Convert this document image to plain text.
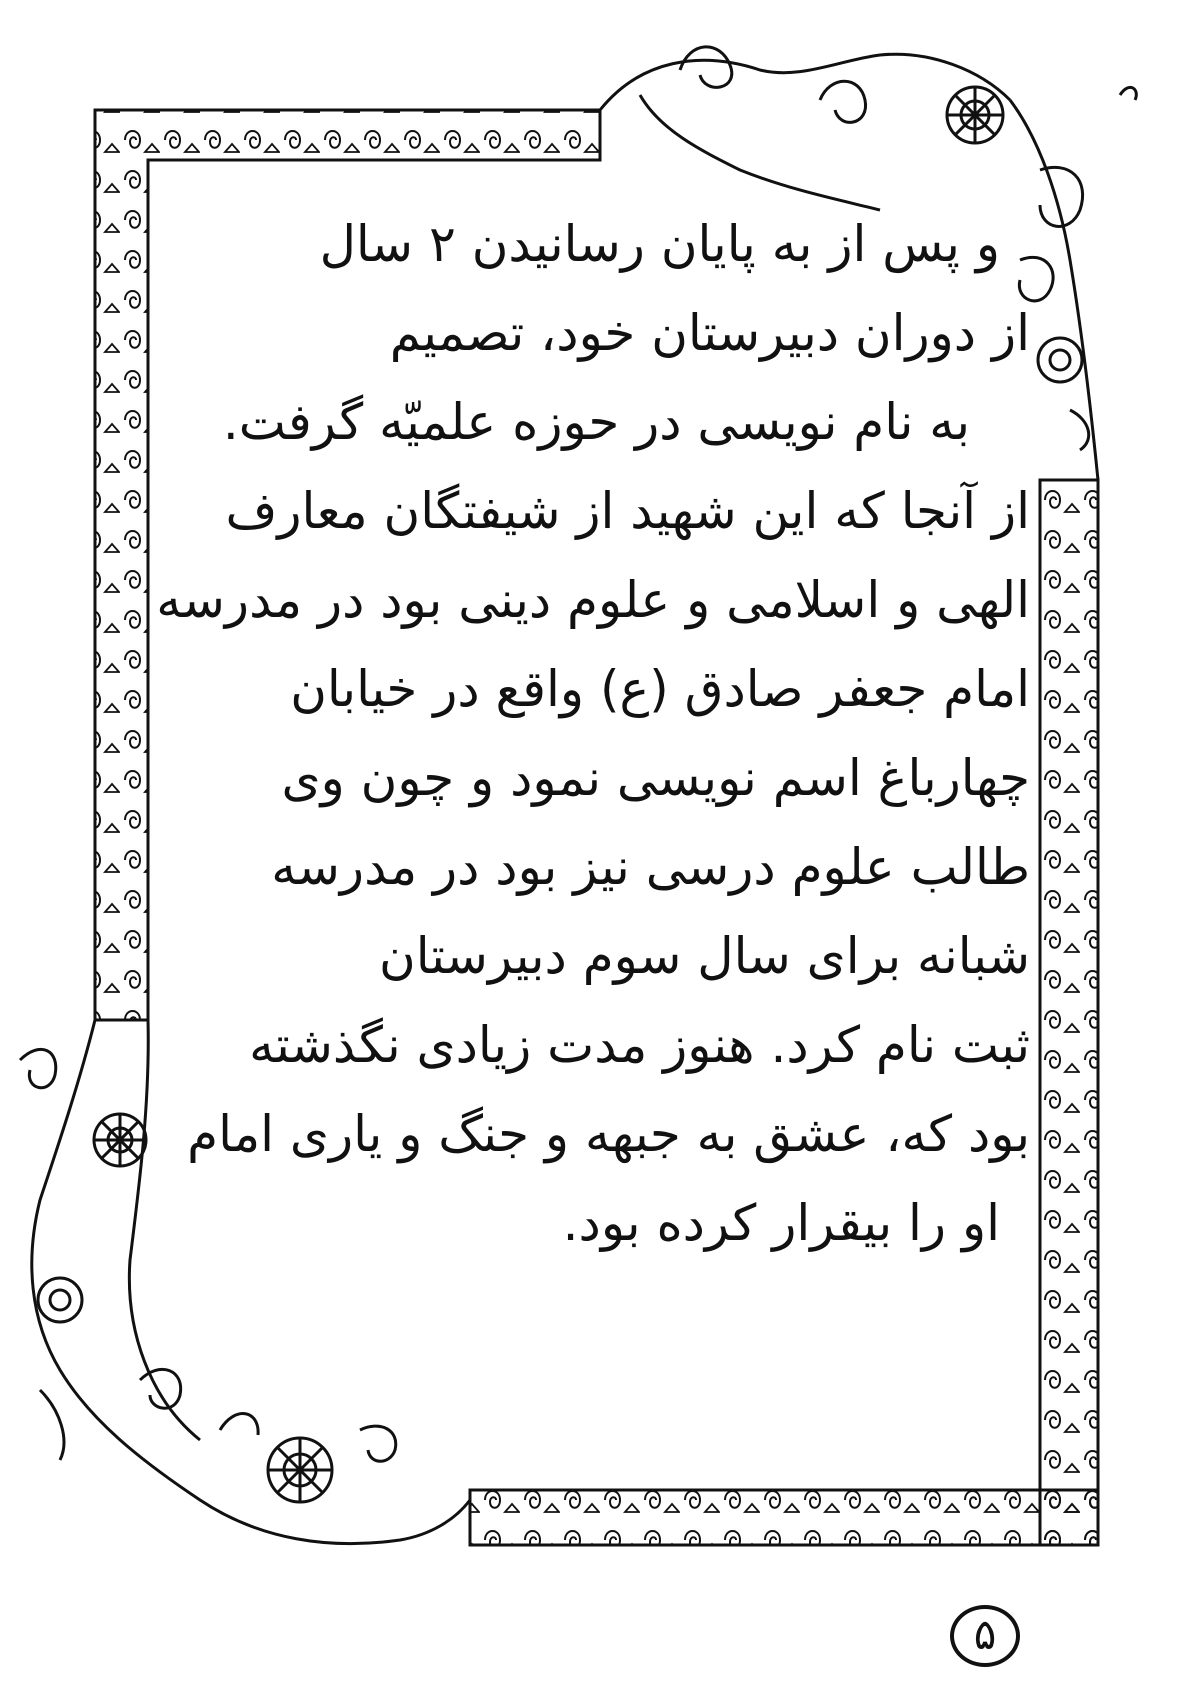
و پس از به پایان رسانیدن ۲ سال
از دوران دبیرستان خود، تصمیم
به نام نویسی در حوزه علمیّه گرفت.
از آنجا که این شهید از شیفتگان معارف
الهی و اسلامی و علوم دینی بود در مدرسه
امام جعفر صادق (ع) واقع در خیابان
چهارباغ اسم نویسی نمود و چون وی
طالب علوم درسی نیز بود در مدرسه
شبانه برای سال سوم دبیرستان
ثبت نام کرد. هنوز مدت زیادی نگذشته
بود که، عشق به جبهه و جنگ و یاری امام
او را بیقرار کرده بود.
۵
